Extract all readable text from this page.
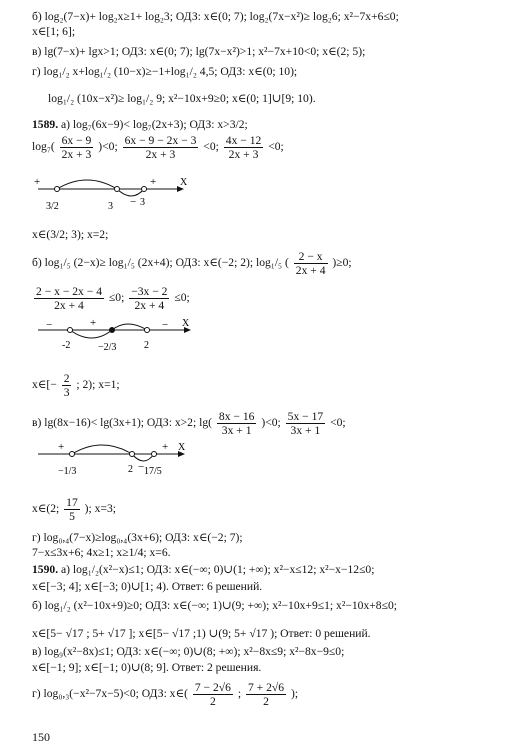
б) log₂(7−x)+ log₂x≥1+ log₂3; ОДЗ: x∈(0; 7); log₂(7x−x²)≥ log₂6; x²−7x+6≤0;
x∈[1; 6];
в) lg(7−x)+ lgx>1; ОДЗ: x∈(0; 7); lg(7x−x²)>1; x²−7x+10<0; x∈(2; 5);
г) log₁/₂ x+log₁/₂ (10−x)≥−1+log₁/₂ 4,5; ОДЗ: x∈(0; 10);
log₁/₂ (10x−x²)≥ log₁/₂ 9; x²−10x+9≥0; x∈(0; 1]∪[9; 10).
1589. а) log₇(6x−9)< log₇(2x+3); ОДЗ: x>3/2;
$\log_7( \frac{6x - 9}{2x + 3} )<0$; $\frac{6x - 9 - 2x - 3}{2x + 3} <0$; $\frac{4x - 12}{2x + 3} <0$;
+
−
+ X
3/2	3	3
x∈(3/2; 3); x=2;
б) log₁/₅ (2−x)≥ log₁/₅ (2x+4); ОДЗ: x∈(−2; 2); log₁/₅ ( $\frac{2 - x}{2x + 4} )\ge 0$;
$\frac{2 - x - 2x - 4}{2x + 4} \le 0$; $\frac{-3x - 2}{2x + 4} \le 0$;
−	+	− X
-2	−2/3	2
x∈[− $\frac{2}{3}$ ; 2); x=1;
в) lg(8x−16)< lg(3x+1); ОДЗ: x>2; $\lg( \frac{8x - 16}{3x + 1} )<0$; $\frac{5x - 17}{3x + 1} <0$;
+
−
+ X
−1/3	2 17/5
x∈(2; $\frac{17}{5}$ ); x=3;
г) log₀,₄(7−x)≥log₀,₄(3x+6); ОДЗ: x∈(−2; 7);
7−x≤3x+6; 4x≥1; x≥1/4; x=6.
1590. а) log₁/₂(x²−x)≤1; ОДЗ: x∈(−∞; 0)∪(1; +∞); x²−x≤12; x²−x−12≤0;
x∈[−3; 4]; x∈[−3; 0)∪[1; 4). Ответ: 6 решений.
б) log₁/₂ (x²−10x+9)≥0; ОДЗ: x∈(−∞; 1)∪(9; +∞); x²−10x+9≤1; x²−10x+8≤0;
x∈[5− √17 ; 5+ √17 ]; x∈[5− √17 ;1) ∪(9; 5+ √17 ); Ответ: 0 решений.
в) log₉(x²−8x)≤1; ОДЗ: x∈(−∞; 0)∪(8; +∞); x²−8x≤9; x²−8x−9≤0;
x∈[−1; 9]; x∈[−1; 0)∪(8; 9]. Ответ: 2 решения.
г) log₀,₃(−x²−7x−5)<0; ОДЗ: x∈( $\frac{7 - 2√6}{2}$ ; $\frac{7 + 2√6}{2}$ );
150
